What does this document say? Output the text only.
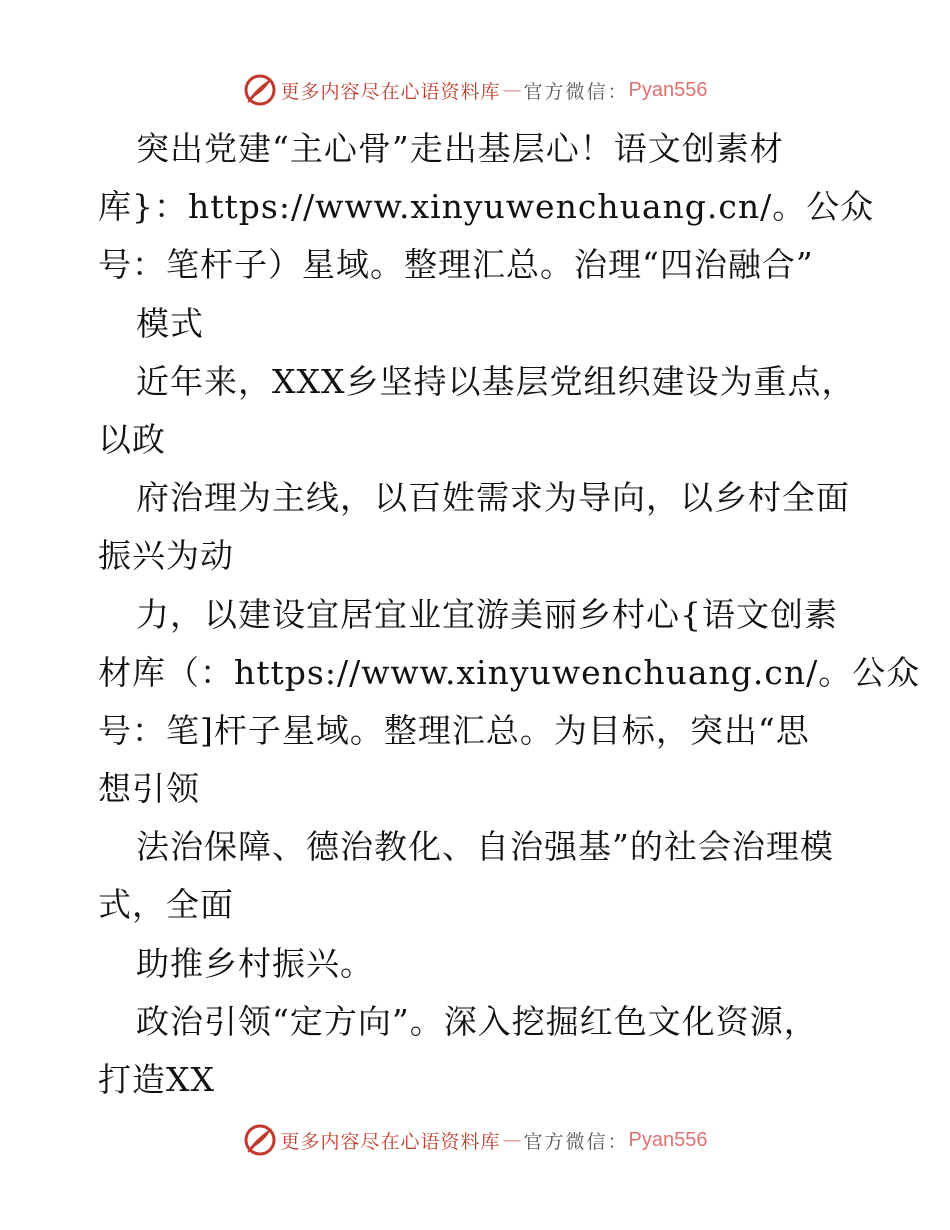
更多内容尽在心语资料库 — 官方微信： Pyan556
突出党建“主心骨”走出基层心！语文创素材
库}：https://www.xinyuwenchuang.cn/。公众
号：笔杆子）星域。整理汇总。治理“四治融合”
模式
近年来，XXX乡坚持以基层党组织建设为重点，
以政
府治理为主线，以百姓需求为导向，以乡村全面
振兴为动
力，以建设宜居宜业宜游美丽乡村心{语文创素
材库（：https://www.xinyuwenchuang.cn/。公众
号：笔]杆子星域。整理汇总。为目标，突出“思
想引领
法治保障、德治教化、自治强基”的社会治理模
式，全面
助推乡村振兴。
政治引领“定方向”。深入挖掘红色文化资源，
打造XX
更多内容尽在心语资料库 — 官方微信： Pyan556
